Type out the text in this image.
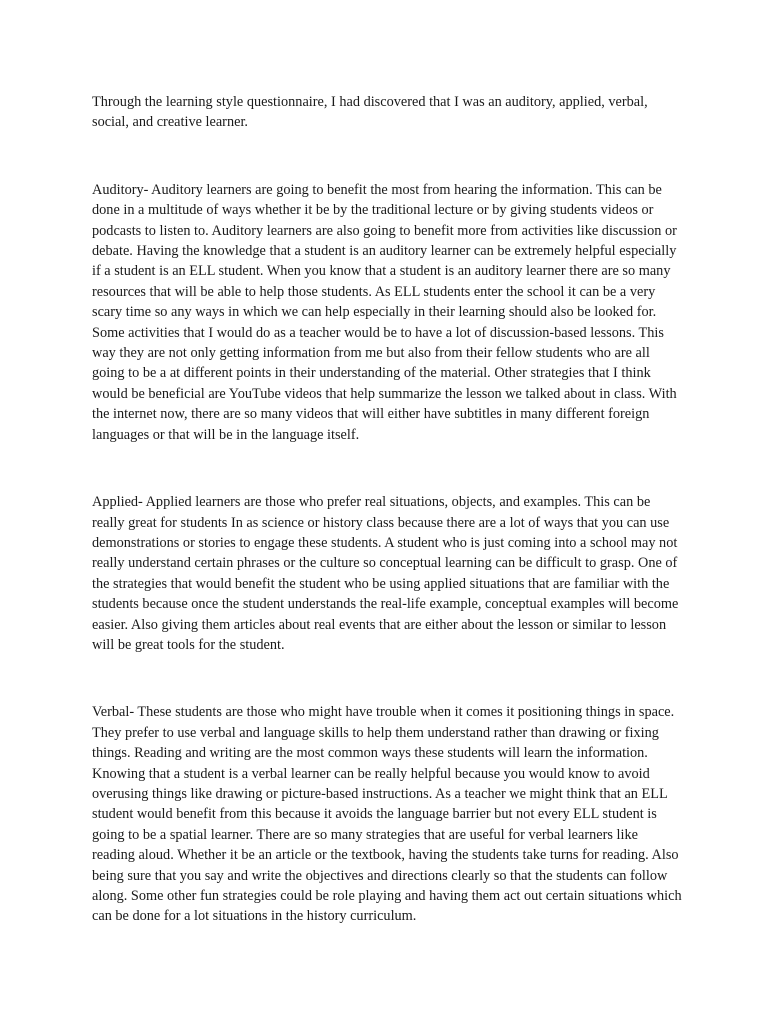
Through the learning style questionnaire, I had discovered that I was an auditory, applied, verbal, social, and creative learner.

Auditory- Auditory learners are going to benefit the most from hearing the information. This can be done in a multitude of ways whether it be by the traditional lecture or by giving students videos or podcasts to listen to. Auditory learners are also going to benefit more from activities like discussion or debate. Having the knowledge that a student is an auditory learner can be extremely helpful especially if a student is an ELL student. When you know that a student is an auditory learner there are so many resources that will be able to help those students. As ELL students enter the school it can be a very scary time so any ways in which we can help especially in their learning should also be looked for. Some activities that I would do as a teacher would be to have a lot of discussion-based lessons. This way they are not only getting information from me but also from their fellow students who are all going to be a at different points in their understanding of the material. Other strategies that I think would be beneficial are YouTube videos that help summarize the lesson we talked about in class. With the internet now, there are so many videos that will either have subtitles in many different foreign languages or that will be in the language itself.

Applied- Applied learners are those who prefer real situations, objects, and examples. This can be really great for students In as science or history class because there are a lot of ways that you can use demonstrations or stories to engage these students. A student who is just coming into a school may not really understand certain phrases or the culture so conceptual learning can be difficult to grasp. One of the strategies that would benefit the student who be using applied situations that are familiar with the students because once the student understands the real-life example, conceptual examples will become easier. Also giving them articles about real events that are either about the lesson or similar to lesson will be great tools for the student.

Verbal- These students are those who might have trouble when it comes it positioning things in space. They prefer to use verbal and language skills to help them understand rather than drawing or fixing things. Reading and writing are the most common ways these students will learn the information. Knowing that a student is a verbal learner can be really helpful because you would know to avoid overusing things like drawing or picture-based instructions. As a teacher we might think that an ELL student would benefit from this because it avoids the language barrier but not every ELL student is going to be a spatial learner. There are so many strategies that are useful for verbal learners like reading aloud. Whether it be an article or the textbook, having the students take turns for reading. Also being sure that you say and write the objectives and directions clearly so that the students can follow along. Some other fun strategies could be role playing and having them act out certain situations which can be done for a lot situations in the history curriculum.
